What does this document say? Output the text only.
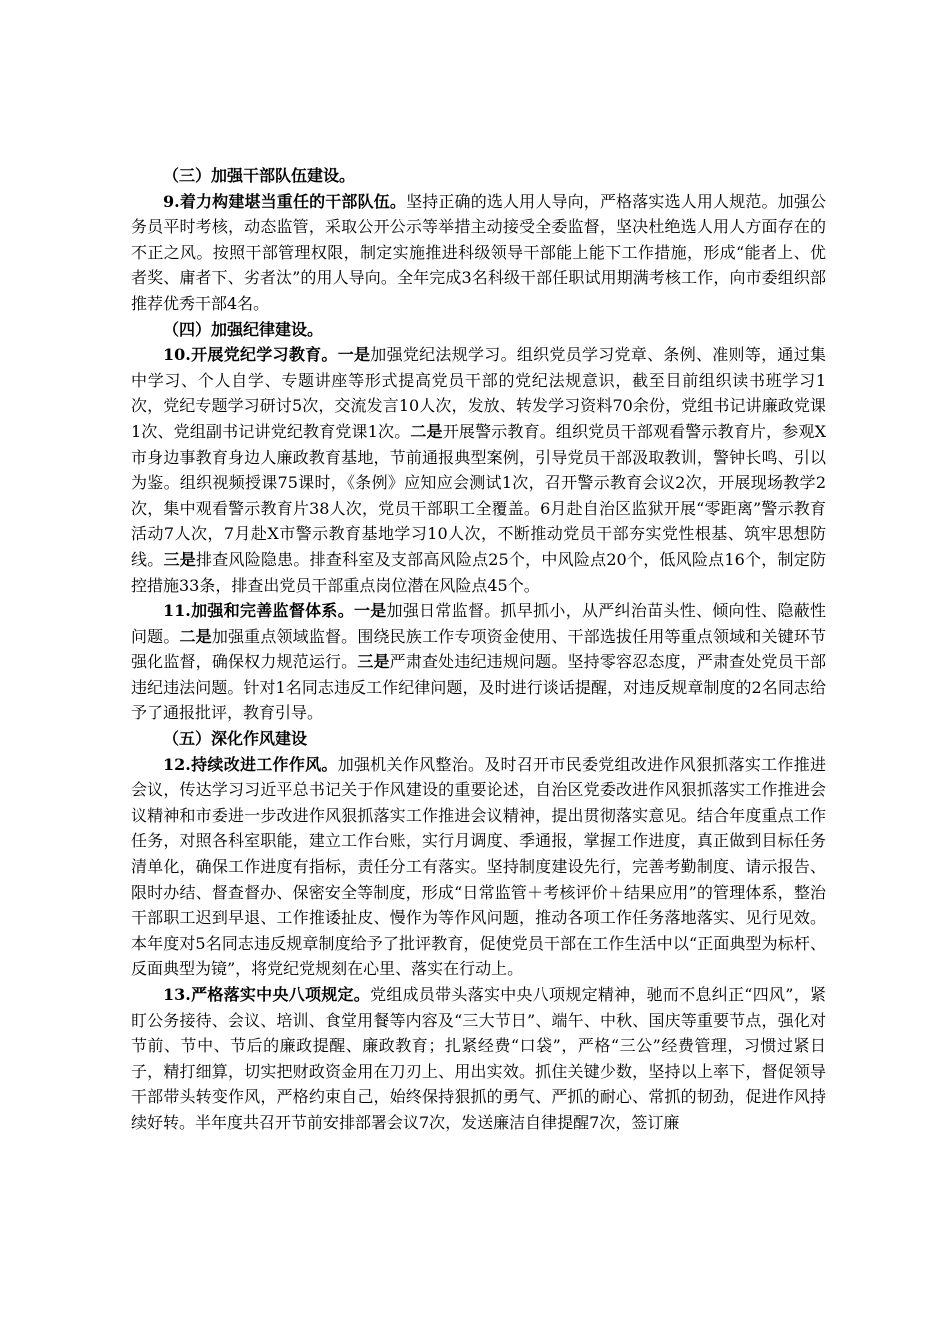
（三）加强干部队伍建设。

9.着力构建堪当重任的干部队伍。坚持正确的选人用人导向，严格落实选人用人规范。加强公务员平时考核，动态监管，采取公开公示等举措主动接受全委监督，坚决杜绝选人用人方面存在的不正之风。按照干部管理权限，制定实施推进科级领导干部能上能下工作措施，形成“能者上、优者奖、庸者下、劣者汰”的用人导向。全年完成3名科级干部任职试用期满考核工作，向市委组织部推荐优秀干部4名。

（四）加强纪律建设。

10.开展党纪学习教育。一是加强党纪法规学习。组织党员学习党章、条例、准则等，通过集中学习、个人自学、专题讲座等形式提高党员干部的党纪法规意识，截至目前组织读书班学习1次，党纪专题学习研讨5次，交流发言10人次，发放、转发学习资料70余份，党组书记讲廉政党课1次、党组副书记讲党纪教育党课1次。二是开展警示教育。组织党员干部观看警示教育片，参观X市身边事教育身边人廉政教育基地，节前通报典型案例，引导党员干部汲取教训，警钟长鸣、引以为鉴。组织视频授课75课时，《条例》应知应会测试1次，召开警示教育会议2次，开展现场教学2次，集中观看警示教育片38人次，党员干部职工全覆盖。6月赴自治区监狱开展“零距离”警示教育活动7人次，7月赴X市警示教育基地学习10人次，不断推动党员干部夯实党性根基、筑牢思想防线。三是排查风险隐患。排查科室及支部高风险点25个，中风险点20个，低风险点16个，制定防控措施33条，排查出党员干部重点岗位潜在风险点45个。

11.加强和完善监督体系。一是加强日常监督。抓早抓小，从严纠治苗头性、倾向性、隐蔽性问题。二是加强重点领域监督。围绕民族工作专项资金使用、干部选拔任用等重点领域和关键环节强化监督，确保权力规范运行。三是严肃查处违纪违规问题。坚持零容忍态度，严肃查处党员干部违纪违法问题。针对1名同志违反工作纪律问题，及时进行谈话提醒，对违反规章制度的2名同志给予了通报批评，教育引导。

（五）深化作风建设

12.持续改进工作作风。加强机关作风整治。及时召开市民委党组改进作风狠抓落实工作推进会议，传达学习习近平总书记关于作风建设的重要论述，自治区党委改进作风狠抓落实工作推进会议精神和市委进一步改进作风狠抓落实工作推进会议精神，提出贯彻落实意见。结合年度重点工作任务，对照各科室职能，建立工作台账，实行月调度、季通报，掌握工作进度，真正做到目标任务清单化，确保工作进度有指标，责任分工有落实。坚持制度建设先行，完善考勤制度、请示报告、限时办结、督查督办、保密安全等制度，形成“日常监管＋考核评价＋结果应用”的管理体系，整治干部职工迟到早退、工作推诿扯皮、慢作为等作风问题，推动各项工作任务落地落实、见行见效。本年度对5名同志违反规章制度给予了批评教育，促使党员干部在工作生活中以“正面典型为标杆、反面典型为镜”，将党纪党规刻在心里、落实在行动上。

13.严格落实中央八项规定。党组成员带头落实中央八项规定精神，驰而不息纠正“四风”，紧盯公务接待、会议、培训、食堂用餐等内容及“三大节日”、端午、中秋、国庆等重要节点，强化对节前、节中、节后的廉政提醒、廉政教育；扎紧经费“口袋”，严格“三公”经费管理，习惯过紧日子，精打细算，切实把财政资金用在刀刃上、用出实效。抓住关键少数，坚持以上率下，督促领导干部带头转变作风，严格约束自己，始终保持狠抓的勇气、严抓的耐心、常抓的韧劲，促进作风持续好转。半年度共召开节前安排部署会议7次，发送廉洁自律提醒7次，签订廉
